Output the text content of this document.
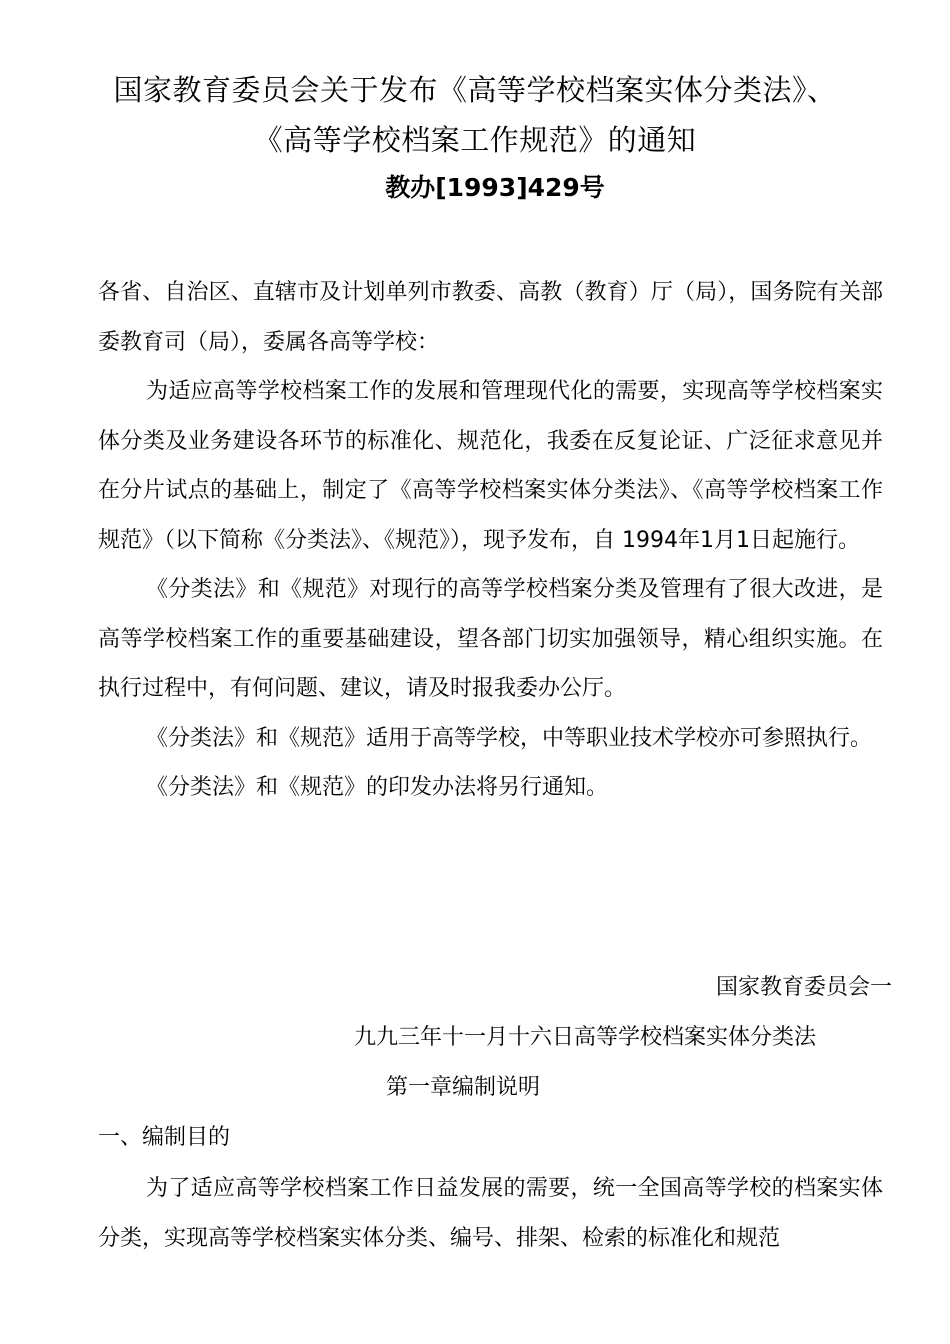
国家教育委员会关于发布《高等学校档案实体分类法》、
《高等学校档案工作规范》的通知
教办[1993]429号

各省、自治区、直辖市及计划单列市教委、高教（教育）厅（局），国务院有关部委教育司（局），委属各高等学校：

为适应高等学校档案工作的发展和管理现代化的需要，实现高等学校档案实体分类及业务建设各环节的标准化、规范化，我委在反复论证、广泛征求意见并在分片试点的基础上，制定了《高等学校档案实体分类法》、《高等学校档案工作规范》（以下简称《分类法》、《规范》），现予发布，自 1994年1月1日起施行。

《分类法》和《规范》对现行的高等学校档案分类及管理有了很大改进，是高等学校档案工作的重要基础建设，望各部门切实加强领导，精心组织实施。在执行过程中，有何问题、建议，请及时报我委办公厅。

《分类法》和《规范》适用于高等学校，中等职业技术学校亦可参照执行。

《分类法》和《规范》的印发办法将另行通知。

国家教育委员会一
九九三年十一月十六日高等学校档案实体分类法
第一章编制说明
一、编制目的

为了适应高等学校档案工作日益发展的需要，统一全国高等学校的档案实体分类，实现高等学校档案实体分类、编号、排架、检索的标准化和规范
